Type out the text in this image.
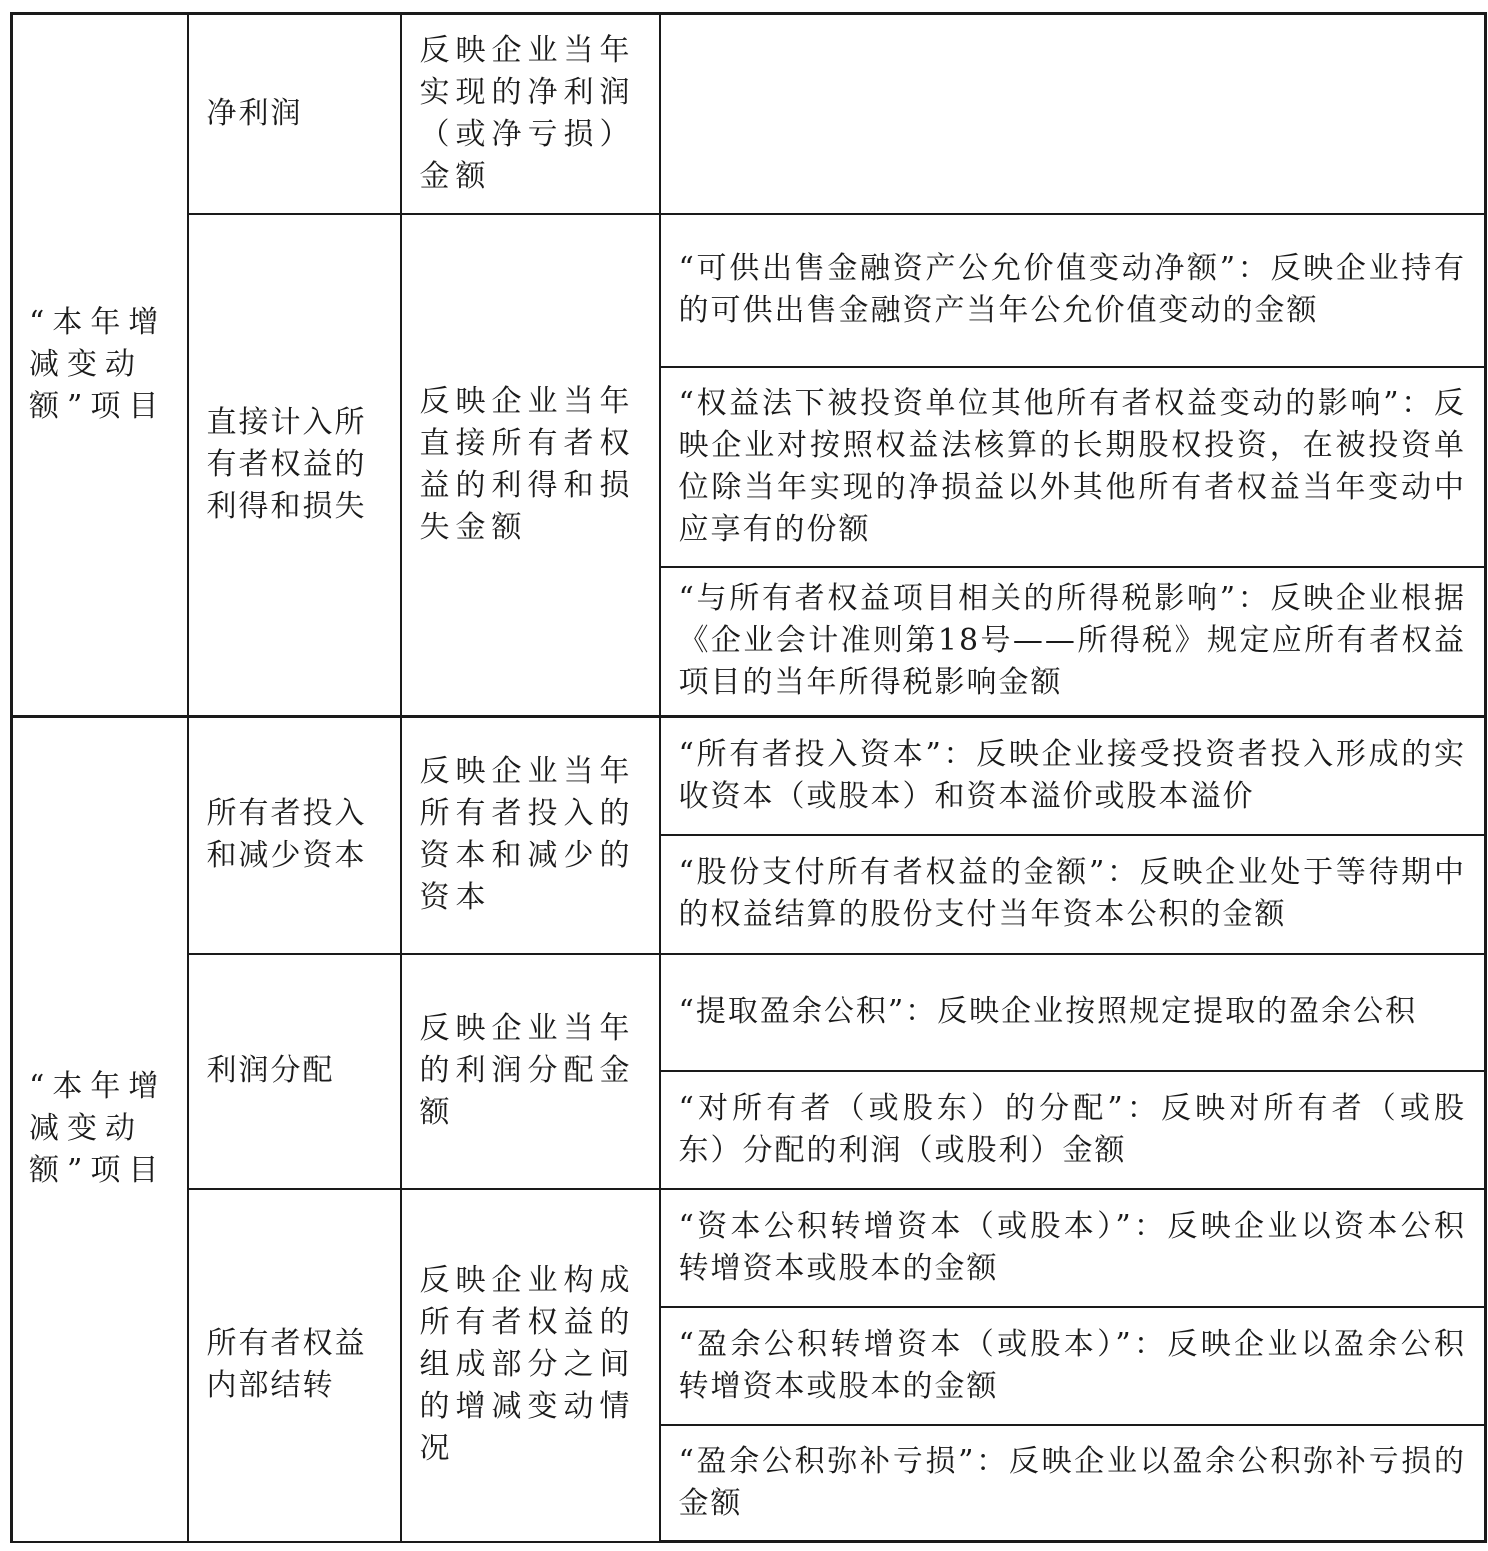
“本年增减变动额”项目	净利润	反映企业当年实现的净利润（或净亏损）金额	
	直接计入所有者权益的利得和损失	反映企业当年直接所有者权益的利得和损失金额	“可供出售金融资产公允价值变动净额”：反映企业持有的可供出售金融资产当年公允价值变动的金额
			“权益法下被投资单位其他所有者权益变动的影响”：反映企业对按照权益法核算的长期股权投资，在被投资单位除当年实现的净损益以外其他所有者权益当年变动中应享有的份额
			“与所有者权益项目相关的所得税影响”：反映企业根据《企业会计准则第18号——所得税》规定应所有者权益项目的当年所得税影响金额
“本年增减变动额”项目	所有者投入和减少资本	反映企业当年所有者投入的资本和减少的资本	“所有者投入资本”：反映企业接受投资者投入形成的实收资本（或股本）和资本溢价或股本溢价
			“股份支付所有者权益的金额”：反映企业处于等待期中的权益结算的股份支付当年资本公积的金额
	利润分配	反映企业当年的利润分配金额	“提取盈余公积”：反映企业按照规定提取的盈余公积
			“对所有者（或股东）的分配”：反映对所有者（或股东）分配的利润（或股利）金额
	所有者权益内部结转	反映企业构成所有者权益的组成部分之间的增减变动情况	“资本公积转增资本（或股本）”：反映企业以资本公积转增资本或股本的金额
			“盈余公积转增资本（或股本）”：反映企业以盈余公积转增资本或股本的金额
			“盈余公积弥补亏损”：反映企业以盈余公积弥补亏损的金额
